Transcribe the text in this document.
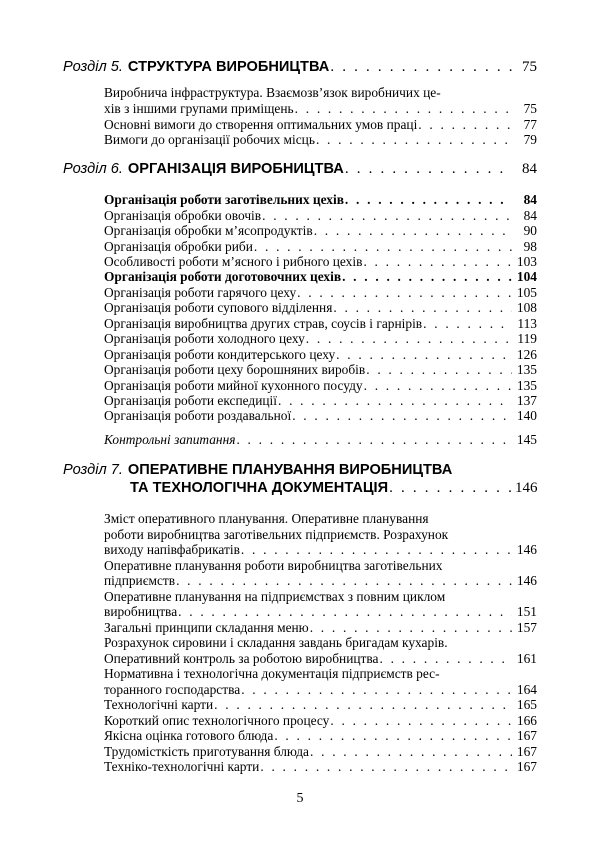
Розділ 5. СТРУКТУРА ВИРОБНИЦТВА . . .	75
Виробнича інфраструктура. Взаємозв’язок виробничих це-
хів з іншими групами приміщень . . .	75
Основні вимоги до створення оптимальних умов праці . . .	77
Вимоги до організації робочих місць . . .	79
Розділ 6. ОРГАНІЗАЦІЯ ВИРОБНИЦТВА . . .	84
Організація роботи заготівельних цехів . . .	84
Організація обробки овочів . . .	84
Організація обробки м’ясопродуктів . . .	90
Організація обробки риби . . .	98
Особливості роботи м’ясного і рибного цехів . . .	103
Організація роботи доготовочних цехів . . .	104
Організація роботи гарячого цеху . . .	105
Організація роботи супового відділення . . .	108
Організація виробництва других страв, соусів і гарнірів . . .	113
Організація роботи холодного цеху . . .	119
Організація роботи кондитерського цеху . . .	126
Організація роботи цеху борошняних виробів . . .	135
Організація роботи мийної кухонного посуду . . .	135
Організація роботи експедиції . . .	137
Організація роботи роздавальної . . .	140
Контрольні запитання . . .	145
Розділ 7. ОПЕРАТИВНЕ ПЛАНУВАННЯ ВИРОБНИЦТВА
ТА ТЕХНОЛОГІЧНА ДОКУМЕНТАЦІЯ . . .	146
Зміст оперативного планування. Оперативне планування
роботи виробництва заготівельних підприємств. Розрахунок
виходу напівфабрикатів . . .	146
Оперативне планування роботи виробництва заготівельних
підприємств . . .	146
Оперативне планування на підприємствах з повним циклом
виробництва . . .	151
Загальні принципи складання меню . . .	157
Розрахунок сировини і складання завдань бригадам кухарів.
Оперативний контроль за роботою виробництва . . .	161
Нормативна і технологічна документація підприємств рес-
торанного господарства . . .	164
Технологічні карти . . .	165
Короткий опис технологічного процесу . . .	166
Якісна оцінка готового блюда . . .	167
Трудомісткість приготування блюда . . .	167
Техніко-технологічні карти . . .	167
5
